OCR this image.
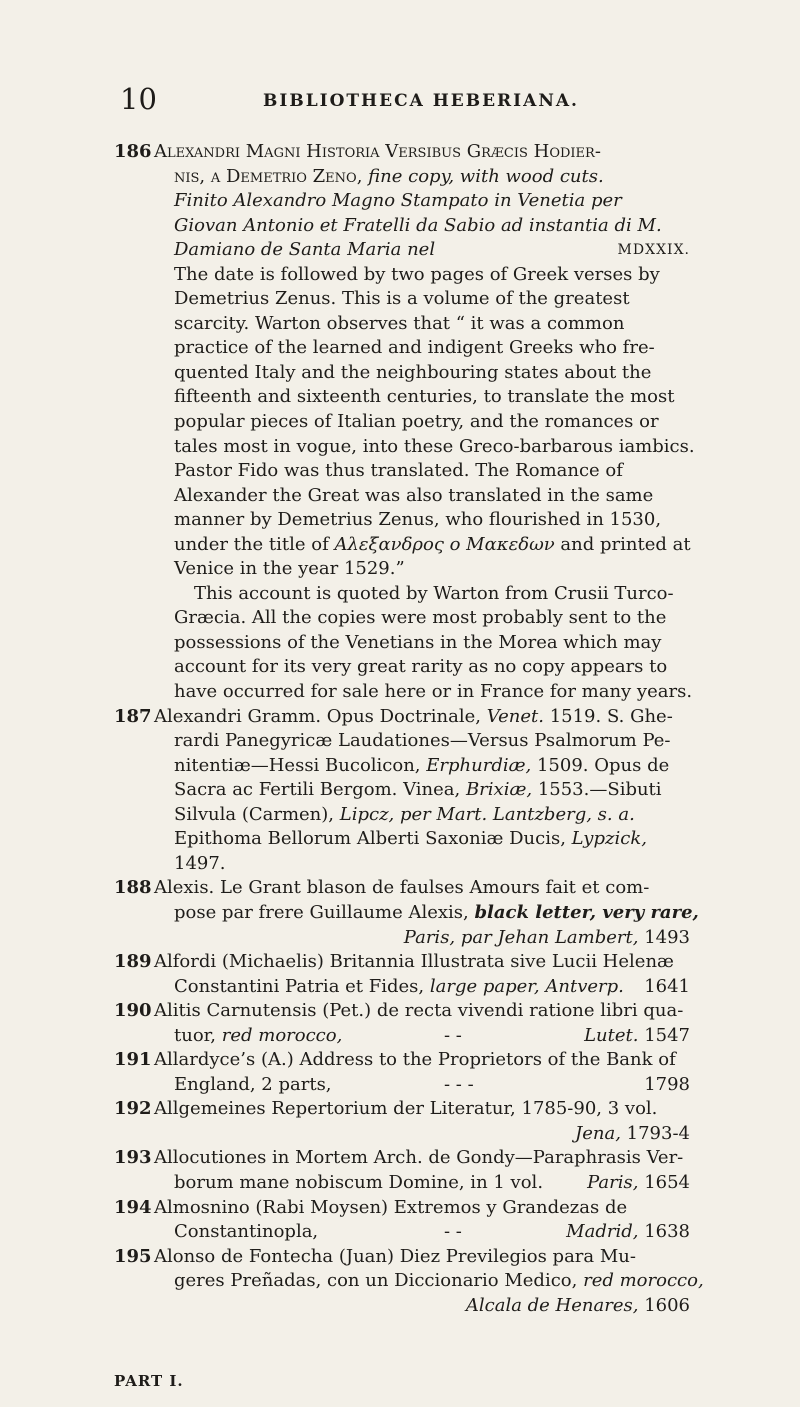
10	BIBLIOTHECA HEBERIANA.
186 Alexandri Magni Historia Versibus Græcis Hodier-
nis, a Demetrio Zeno, fine copy, with wood cuts.
Finito Alexandro Magno Stampato in Venetia per
Giovan Antonio et Fratelli da Sabio ad instantia di M.
Damiano de Santa Maria nel	MDXXIX.
The date is followed by two pages of Greek verses by
Demetrius Zenus. This is a volume of the greatest
scarcity. Warton observes that “ it was a common
practice of the learned and indigent Greeks who fre-
quented Italy and the neighbouring states about the
fifteenth and sixteenth centuries, to translate the most
popular pieces of Italian poetry, and the romances or
tales most in vogue, into these Greco-barbarous iambics.
Pastor Fido was thus translated. The Romance of
Alexander the Great was also translated in the same
manner by Demetrius Zenus, who flourished in 1530,
under the title of Αλεξανδρος ο Μακεδων and printed at
Venice in the year 1529.”
This account is quoted by Warton from Crusii Turco-
Græcia. All the copies were most probably sent to the
possessions of the Venetians in the Morea which may
account for its very great rarity as no copy appears to
have occurred for sale here or in France for many years.
187 Alexandri Gramm. Opus Doctrinale, Venet. 1519. S. Ghe-
rardi Panegyricæ Laudationes—Versus Psalmorum Pe-
nitentiæ—Hessi Bucolicon, Erphurdiæ, 1509. Opus de
Sacra ac Fertili Bergom. Vinea, Brixiæ, 1553.—Sibuti
Silvula (Carmen), Lipcz, per Mart. Lantzberg, s. a.
Epithoma Bellorum Alberti Saxoniæ Ducis, Lypzick,
1497.
188 Alexis. Le Grant blason de faulses Amours fait et com-
pose par frere Guillaume Alexis, black letter, very rare,
Paris, par Jehan Lambert, 1493
189 Alfordi (Michaelis) Britannia Illustrata sive Lucii Helenæ
Constantini Patria et Fides, large paper, Antverp. 1641
190 Alitis Carnutensis (Pet.) de recta vivendi ratione libri qua-
tuor, red morocco,	- -	Lutet. 1547
191 Allardyce’s (A.) Address to the Proprietors of the Bank of
England, 2 parts,	- - -	1798
192 Allgemeines Repertorium der Literatur, 1785-90, 3 vol.
Jena, 1793-4
193 Allocutiones in Mortem Arch. de Gondy—Paraphrasis Ver-
borum mane nobiscum Domine, in 1 vol. Paris, 1654
194 Almosnino (Rabi Moysen) Extremos y Grandezas de
Constantinopla,	- -	Madrid, 1638
195 Alonso de Fontecha (Juan) Diez Previlegios para Mu-
geres Preñadas, con un Diccionario Medico, red morocco,
Alcala de Henares, 1606
PART I.
